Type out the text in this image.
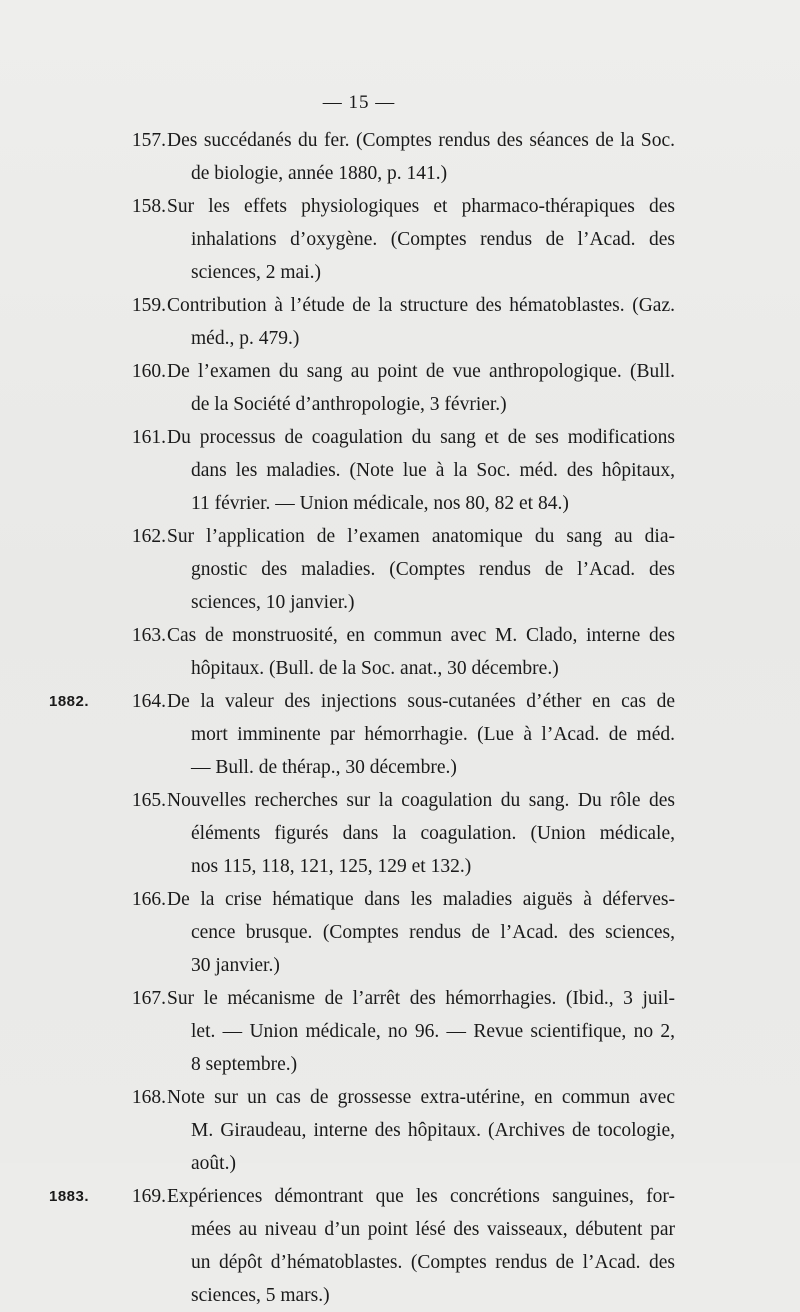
— 15 —
157. Des succédanés du fer. (Comptes rendus des séances de la Soc.
de biologie, année 1880, p. 141.)
158. Sur les effets physiologiques et pharmaco-thérapiques des
inhalations d’oxygène. (Comptes rendus de l’Acad. des
sciences, 2 mai.)
159. Contribution à l’étude de la structure des hématoblastes. (Gaz.
méd., p. 479.)
160. De l’examen du sang au point de vue anthropologique. (Bull.
de la Société d’anthropologie, 3 février.)
161. Du processus de coagulation du sang et de ses modifications
dans les maladies. (Note lue à la Soc. méd. des hôpitaux,
11 février. — Union médicale, nos 80, 82 et 84.)
162. Sur l’application de l’examen anatomique du sang au dia-
gnostic des maladies. (Comptes rendus de l’Acad. des
sciences, 10 janvier.)
163. Cas de monstruosité, en commun avec M. Clado, interne des
hôpitaux. (Bull. de la Soc. anat., 30 décembre.)
1882.	164. De la valeur des injections sous-cutanées d’éther en cas de
mort imminente par hémorrhagie. (Lue à l’Acad. de méd.
— Bull. de thérap., 30 décembre.)
165. Nouvelles recherches sur la coagulation du sang. Du rôle des
éléments figurés dans la coagulation. (Union médicale,
nos 115, 118, 121, 125, 129 et 132.)
166. De la crise hématique dans les maladies aiguës à déferves-
cence brusque. (Comptes rendus de l’Acad. des sciences,
30 janvier.)
167. Sur le mécanisme de l’arrêt des hémorrhagies. (Ibid., 3 juil-
let. — Union médicale, no 96. — Revue scientifique, no 2,
8 septembre.)
168. Note sur un cas de grossesse extra-utérine, en commun avec
M. Giraudeau, interne des hôpitaux. (Archives de tocologie,
août.)
1883.	169. Expériences démontrant que les concrétions sanguines, for-
mées au niveau d’un point lésé des vaisseaux, débutent par
un dépôt d’hématoblastes. (Comptes rendus de l’Acad. des
sciences, 5 mars.)
